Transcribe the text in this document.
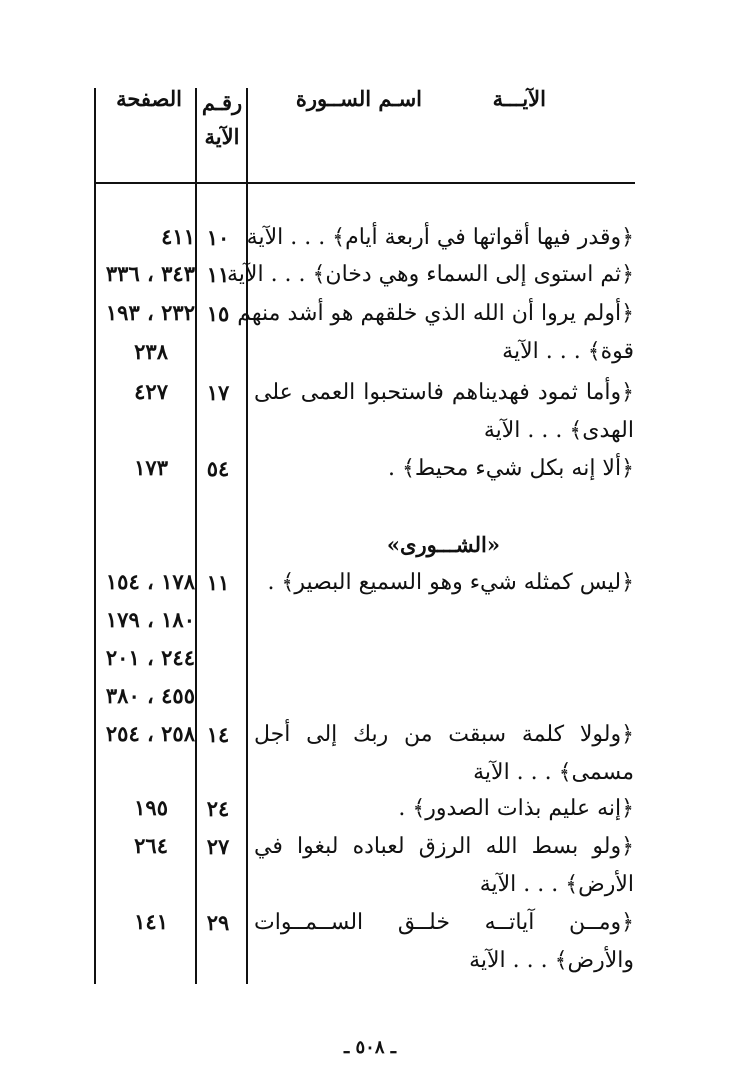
الآيـــة
اسـم الســورة
رقـم
الآية
الصفحة
﴿وقدر فيها أقواتها في أربعة أيام﴾ . . . الآية
١٠
٤١١
﴿ثم استوى إلى السماء وهي دخان﴾ . . . الآية
١١
٣٤٣ ، ٣٣٦
﴿أولم يروا أن الله الذي خلقهم هو أشد منهم
قوة﴾ . . . الآية
١٥
٢٣٢ ، ١٩٣
٢٣٨
﴿وأما ثمود فهديناهم فاستحبوا العمى على
الهدى﴾ . . . الآية
١٧
٤٢٧
﴿ألا إنه بكل شيء محيط﴾ .
٥٤
١٧٣
«الشـــورى»
﴿ليس كمثله شيء وهو السميع البصير﴾ .
١١
١٧٨ ، ١٥٤
١٨٠ ، ١٧٩
٢٤٤ ، ٢٠١
٤٥٥ ، ٣٨٠
﴿ولولا كلمة سبقت من ربك إلى أجل
مسمى﴾ . . . الآية
١٤
٢٥٨ ، ٢٥٤
﴿إنه عليم بذات الصدور﴾ .
٢٤
١٩٥
﴿ولو بسط الله الرزق لعباده لبغوا في
الأرض﴾ . . . الآية
٢٧
٢٦٤
﴿ومــن آياتــه خلــق الســمــوات
والأرض﴾ . . . الآية
٢٩
١٤١
ـ ٥٠٨ ـ
